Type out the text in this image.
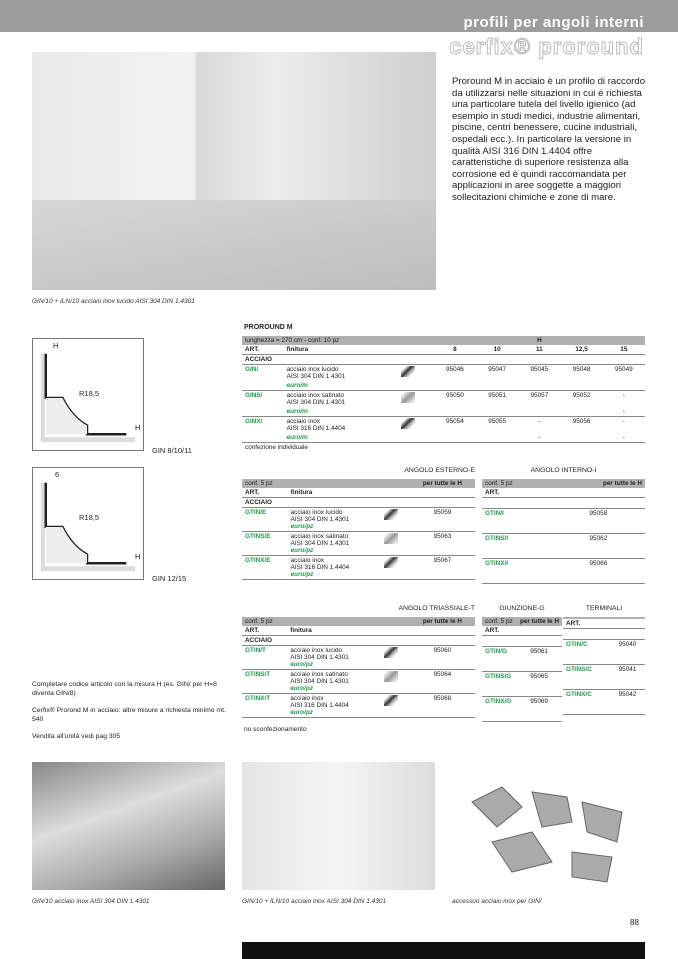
profili per angoli interni
cerfix® proround
GIN/10 + ILN/10 acciaio inox lucido AISI 304 DIN 1.4301
Proround M in acciaio è un profilo di raccordo da utilizzarsi nelle situazioni in cui è richiesta una particolare tutela del livello igienico (ad esempio in studi medici, industrie alimentari, piscine, centri benessere, cucine industriali, ospedali ecc.). In particolare la versione in qualità AISI 316 DIN 1.4404 offre caratteristiche di superiore resistenza alla corrosione ed è quindi raccomandata per applicazioni in aree soggette a maggiori sollecitazioni chimiche e zone di mare.
H
R18,5
H
GIN 8/10/11
6
R18,5
H
GIN 12/15
PROROUND M
lunghezza = 270 cm - conf. 10 pz			H				
ART.	finitura		8	10	11	12,5	15
ACCIAIO							
GIN/	acciaio inox lucido
AISI 304 DIN 1.4301		95046	95047	95045	95048	95049
	euro/m						
GINS/	acciaio inox satinato
AISI 304 DIN 1.4301		95050	95051	95057	95052	-
	euro/m						-
GINX/	acciaio inox
AISI 316 DIN 1.4404		95054	95055	-	95056	-
	euro/m				-		-
confezione individuale							
ANGOLO ESTERNO-E
conf. 5 pz			per tutte le H
ART.	finitura		
ACCIAIO			
GTIN/E	acciaio inox lucido
AISI 304 DIN 1.4301
euro/pz		95059
GTINS/E	acciaio inox satinato
AISI 304 DIN 1.4301
euro/pz		95063
GTINX/E	acciaio inox
AISI 316 DIN 1.4404
euro/pz		95067

ANGOLO INTERNO-I
conf. 5 pz	per tutte le H
ART.	

GTIN/I	95058
GTINS/I	95062
GTINX/I	95066

ANGOLO TRIASSIALE-T
conf. 5 pz			per tutte le H
ART.	finitura		
ACCIAIO			
GTIN/T	acciaio inox lucido
AISI 304 DIN 1.4301
euro/pz		95060
GTINS/T	acciaio inox satinato
AISI 304 DIN 1.4301
euro/pz		95064
GTINX/T	acciaio inox
AISI 316 DIN 1.4404
euro/pz		95068

GIUNZIONE-G
conf. 5 pz	per tutte le H
ART.	

GTIN/G	95061
GTINS/G	95065
GTINX/G	95069

TERMINALI

ART.	

GTIN/C	95040
GTINS/C	95041
GTINX/C	95042

no sconfezionamento

Completare codice articolo con la misura H (es. GIN/ per H=8 diventa GIN/8)

Cerfix® Prorond M in acciaio: altre misure a richiesta minimo mt. 540

Vendita all'unità vedi pag 305

GIN/10 acciaio inox AISI 304 DIN 1.4301	GIN/10 + ILN/10 acciaio inox AISI 304 DIN 1.4301	accessori acciaio inox per GIN/
88
